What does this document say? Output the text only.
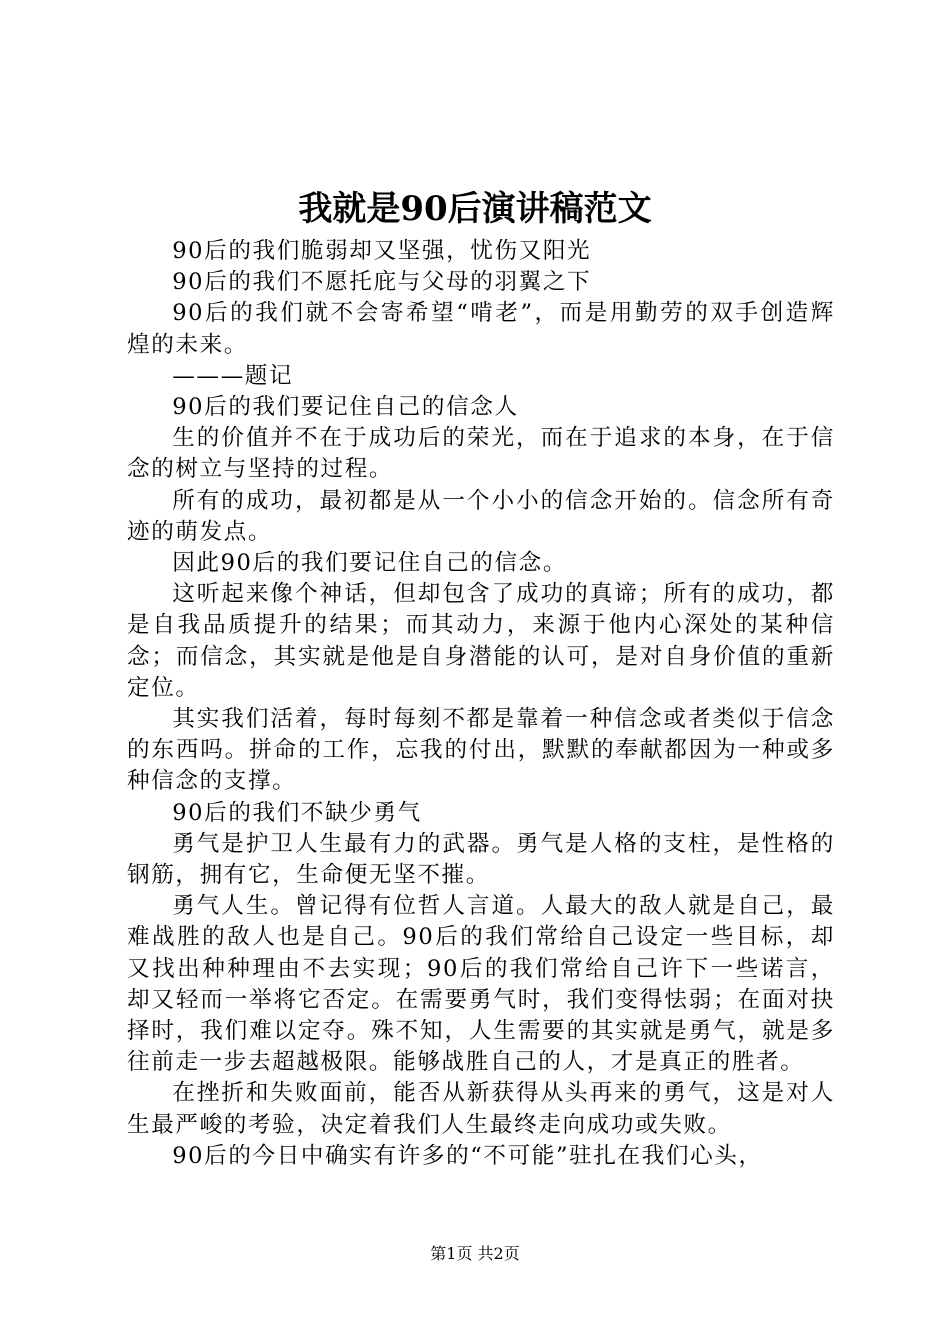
我就是90后演讲稿范文

90后的我们脆弱却又坚强，忧伤又阳光

90后的我们不愿托庇与父母的羽翼之下

90后的我们就不会寄希望“啃老”，而是用勤劳的双手创造辉煌的未来。

———题记

90后的我们要记住自己的信念人

生的价值并不在于成功后的荣光，而在于追求的本身，在于信念的树立与坚持的过程。

所有的成功，最初都是从一个小小的信念开始的。信念所有奇迹的萌发点。

因此90后的我们要记住自己的信念。

这听起来像个神话，但却包含了成功的真谛；所有的成功，都是自我品质提升的结果；而其动力，来源于他内心深处的某种信念；而信念，其实就是他是自身潜能的认可，是对自身价值的重新定位。

其实我们活着，每时每刻不都是靠着一种信念或者类似于信念的东西吗。拼命的工作，忘我的付出，默默的奉献都因为一种或多种信念的支撑。

90后的我们不缺少勇气

勇气是护卫人生最有力的武器。勇气是人格的支柱，是性格的钢筋，拥有它，生命便无坚不摧。

勇气人生。曾记得有位哲人言道。人最大的敌人就是自己，最难战胜的敌人也是自己。90后的我们常给自己设定一些目标，却又找出种种理由不去实现；90后的我们常给自己许下一些诺言，却又轻而一举将它否定。在需要勇气时，我们变得怯弱；在面对抉择时，我们难以定夺。殊不知，人生需要的其实就是勇气，就是多往前走一步去超越极限。能够战胜自己的人，才是真正的胜者。

在挫折和失败面前，能否从新获得从头再来的勇气，这是对人生最严峻的考验，决定着我们人生最终走向成功或失败。

90后的今日中确实有许多的“不可能”驻扎在我们心头，

第1页 共2页
